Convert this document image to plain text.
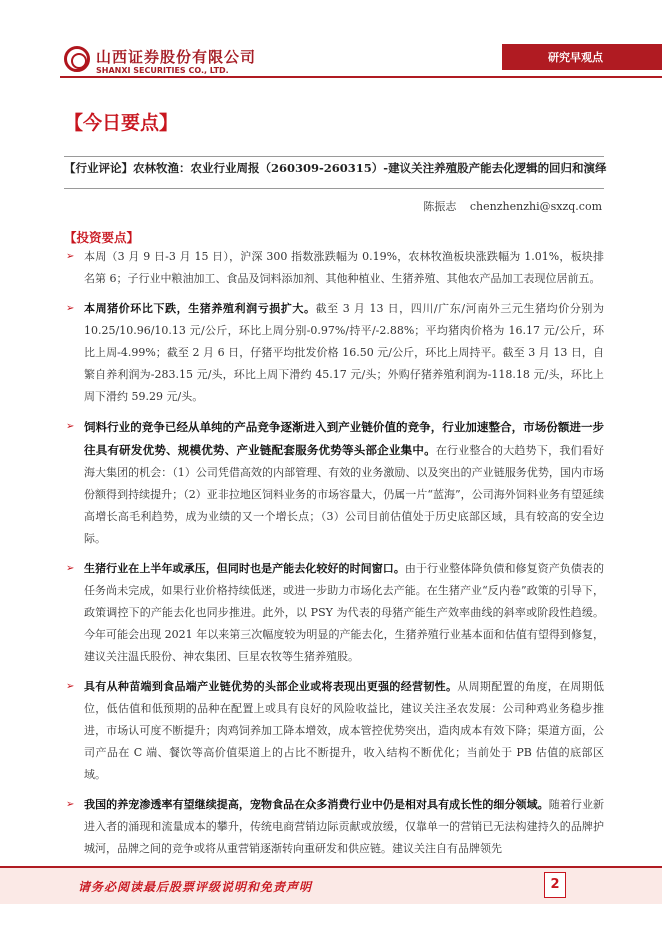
山西证券股份有限公司
SHANXI SECURITIES CO., LTD.
研究早观点
【今日要点】
【行业评论】农林牧渔：农业行业周报（260309-260315）-建议关注养殖股产能去化逻辑的回归和演绎
陈振志 chenzhenzhi@sxzq.com
【投资要点】
➢
本周（3 月 9 日-3 月 15 日），沪深 300 指数涨跌幅为 0.19%，农林牧渔板块涨跌幅为 1.01%，板块排名第 6；子行业中粮油加工、食品及饲料添加剂、其他种植业、生猪养殖、其他农产品加工表现位居前五。
➢
本周猪价环比下跌，生猪养殖利润亏损扩大。截至 3 月 13 日，四川/广东/河南外三元生猪均价分别为 10.25/10.96/10.13 元/公斤，环比上周分别-0.97%/持平/-2.88%；平均猪肉价格为 16.17 元/公斤，环比上周-4.99%；截至 2 月 6 日，仔猪平均批发价格 16.50 元/公斤，环比上周持平。截至 3 月 13 日，自繁自养利润为-283.15 元/头，环比上周下滑约 45.17 元/头；外购仔猪养殖利润为-118.18 元/头，环比上周下滑约 59.29 元/头。
➢
饲料行业的竞争已经从单纯的产品竞争逐渐进入到产业链价值的竞争，行业加速整合，市场份额进一步往具有研发优势、规模优势、产业链配套服务优势等头部企业集中。在行业整合的大趋势下，我们看好海大集团的机会：（1）公司凭借高效的内部管理、有效的业务激励、以及突出的产业链服务优势，国内市场份额得到持续提升；（2）亚非拉地区饲料业务的市场容量大，仍属一片“蓝海”，公司海外饲料业务有望延续高增长高毛利趋势，成为业绩的又一个增长点；（3）公司目前估值处于历史底部区域，具有较高的安全边际。
➢
生猪行业在上半年或承压，但同时也是产能去化较好的时间窗口。由于行业整体降负债和修复资产负债表的任务尚未完成，如果行业价格持续低迷，或进一步助力市场化去产能。在生猪产业“反内卷”政策的引导下，政策调控下的产能去化也同步推进。此外，以 PSY 为代表的母猪产能生产效率曲线的斜率或阶段性趋缓。今年可能会出现 2021 年以来第三次幅度较为明显的产能去化，生猪养殖行业基本面和估值有望得到修复，建议关注温氏股份、神农集团、巨星农牧等生猪养殖股。
➢
具有从种苗端到食品端产业链优势的头部企业或将表现出更强的经营韧性。从周期配置的角度，在周期低位，低估值和低预期的品种在配置上或具有良好的风险收益比，建议关注圣农发展：公司种鸡业务稳步推进，市场认可度不断提升；肉鸡饲养加工降本增效，成本管控优势突出，造肉成本有效下降；渠道方面，公司产品在 C 端、餐饮等高价值渠道上的占比不断提升，收入结构不断优化；当前处于 PB 估值的底部区域。
➢
我国的养宠渗透率有望继续提高，宠物食品在众多消费行业中仍是相对具有成长性的细分领域。随着行业新进入者的涌现和流量成本的攀升，传统电商营销边际贡献或放缓，仅靠单一的营销已无法构建持久的品牌护城河，品牌之间的竞争或将从重营销逐渐转向重研发和供应链。建议关注自有品牌领先
请务必阅读最后股票评级说明和免责声明	2
